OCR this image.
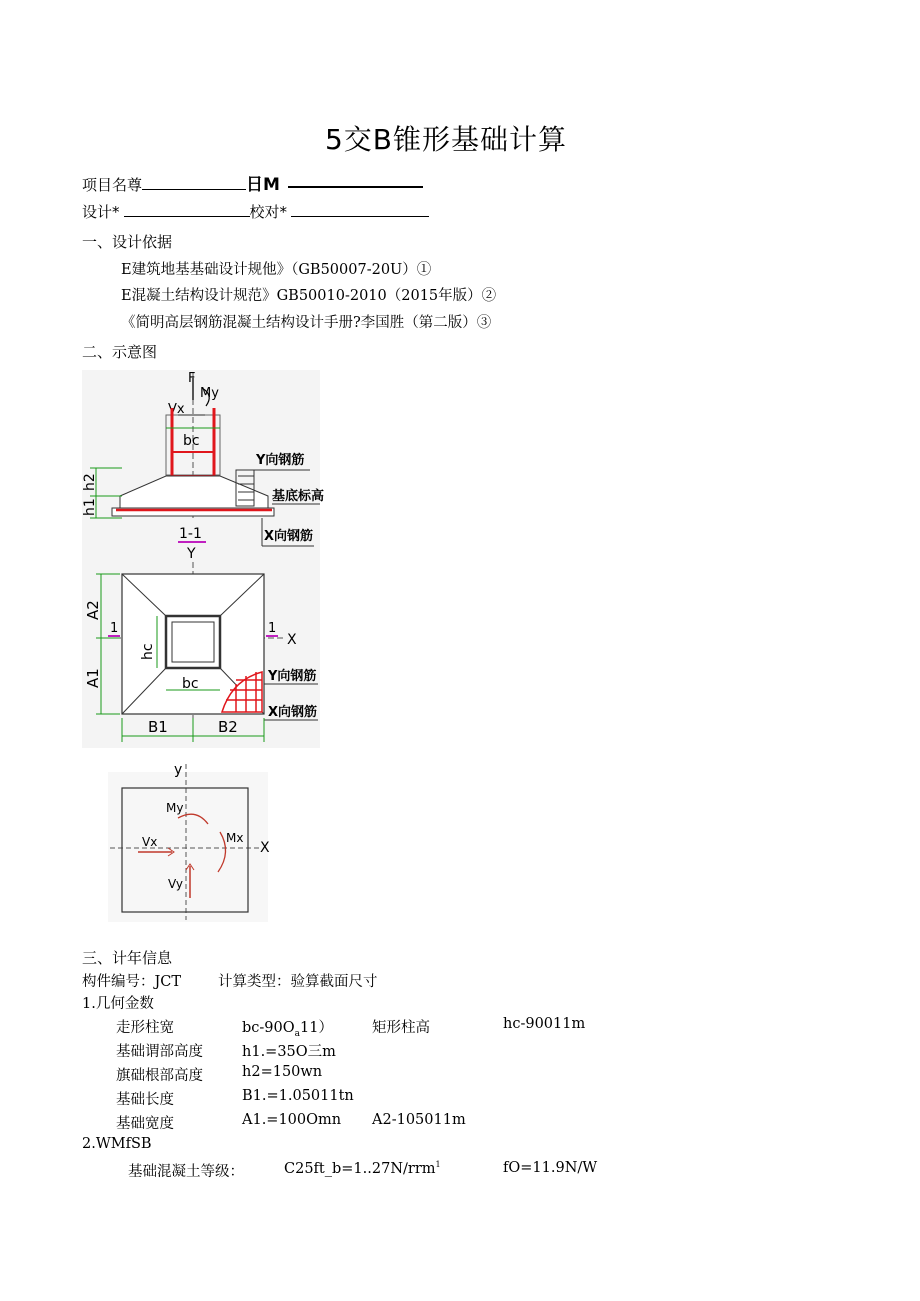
5交B锥形基础计算
项目名尊	日M
设计*	校对*
一、设计依据
E建筑地基基础设计规他》（GB50007-20U）①
E混凝土结构设计规范》GB50010-2010（2015年版）②
《简明高层钢筋混凝土结构设计手册?李国胜（第二版）③
二、示意图
F
My
Vx
bc
h2
h1
Y向钢筋
基底标高
X向钢筋
1-1
Y
X
Y向钢筋
X向钢筋
hc
bc
1	1
A2
A1
B1	B2
y
X
My
Mx
Vx
Vy
三、计年信息
构件编号：JCT	计算类型：验算截面尺寸
1.几何金数
走形柱宽	$bc-90O_a11$）	矩形柱高	hc-90011m
基础谓部高度	h1.=35O三m
旗础根部高度	h2=150wn
基础长度	B1.=1.05011tn
基础宽度	A1.=100Omn A2-105011m
2.WMfSB
基础混凝土等级：	C25ft_b=1..27N∕rrm$^1$	fO=11.9N∕W
